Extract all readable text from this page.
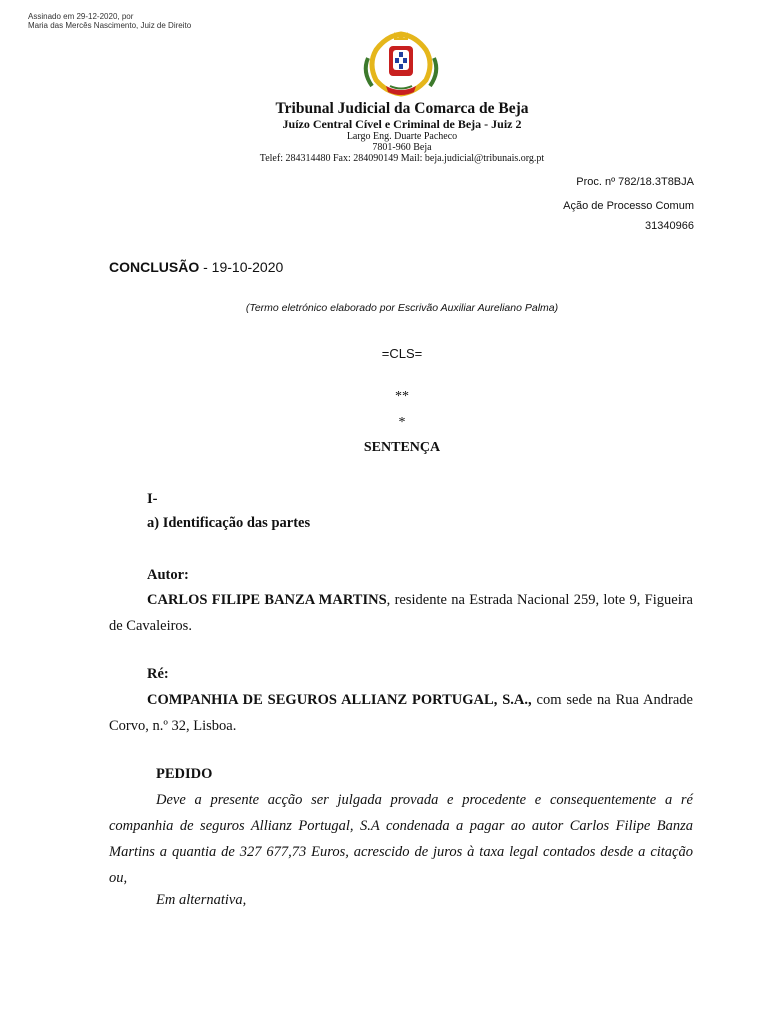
Assinado em 29-12-2020, por
Maria das Mercês Nascimento, Juiz de Direito
Tribunal Judicial da Comarca de Beja
Juízo Central Cível e Criminal de Beja - Juiz 2
Largo Eng. Duarte Pacheco
7801-960 Beja
Telef: 284314480 Fax: 284090149 Mail: beja.judicial@tribunais.org.pt
Proc. nº 782/18.3T8BJA
Ação de Processo Comum
31340966
CONCLUSÃO - 19-10-2020
(Termo eletrónico elaborado por Escrivão Auxiliar Aureliano Palma)
=CLS=
**
*
SENTENÇA
I-
a) Identificação das partes
Autor:
CARLOS FILIPE BANZA MARTINS, residente na Estrada Nacional 259, lote 9, Figueira de Cavaleiros.
Ré:
COMPANHIA DE SEGUROS ALLIANZ PORTUGAL, S.A., com sede na Rua Andrade Corvo, n.º 32, Lisboa.
PEDIDO
Deve a presente acção ser julgada provada e procedente e consequentemente a ré companhia de seguros Allianz Portugal, S.A condenada a pagar ao autor Carlos Filipe Banza Martins a quantia de 327 677,73 Euros, acrescido de juros à taxa legal contados desde a citação ou,
Em alternativa,
